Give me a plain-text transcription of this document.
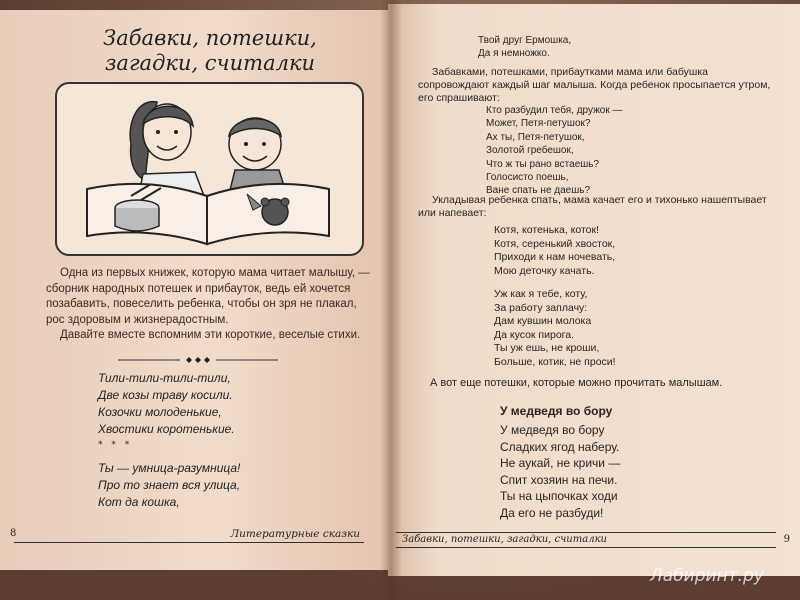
Забавки, потешки,
загадки, считалки

Одна из первых книжек, которую мама читает малышу, — сборник народных потешек и прибауток, ведь ей хочется позабавить, повеселить ребенка, чтобы он зря не плакал, рос здоровым и жизнерадостным.

Давайте вместе вспомним эти короткие, веселые стихи.

Тили-тили-тили-тили,
Две козы траву косили.
Козочки молоденькие,
Хвостики коротенькие.
* * *
Ты — умница-разумница!
Про то знает вся улица,
Кот да кошка,
8	Литературные сказки
Твой друг Ермошка,
Да я немножко.
Забавками, потешками, прибаутками мама или бабушка сопровождают каждый шаг малыша. Когда ребенок просыпается утром, его спрашивают:
Кто разбудил тебя, дружок —
Может, Петя-петушок?
Ах ты, Петя-петушок,
Золотой гребешок,
Что ж ты рано встаешь?
Голосисто поешь,
Ване спать не даешь?
Укладывая ребенка спать, мама качает его и тихонько нашептывает или напевает:
Котя, котенька, коток!
Котя, серенький хвосток,
Приходи к нам ночевать,
Мою деточку качать.
Уж как я тебе, коту,
За работу заплачу:
Дам кувшин молока
Да кусок пирога.
Ты уж ешь, не кроши,
Больше, котик, не проси!
А вот еще потешки, которые можно прочитать малышам.
У медведя во бору
У медведя во бору
Сладких ягод наберу.
Не аукай, не кричи —
Спит хозяин на печи.
Ты на цыпочках ходи
Да его не разбуди!
Забавки, потешки, загадки, считалки	9
Лабиринт.ру
